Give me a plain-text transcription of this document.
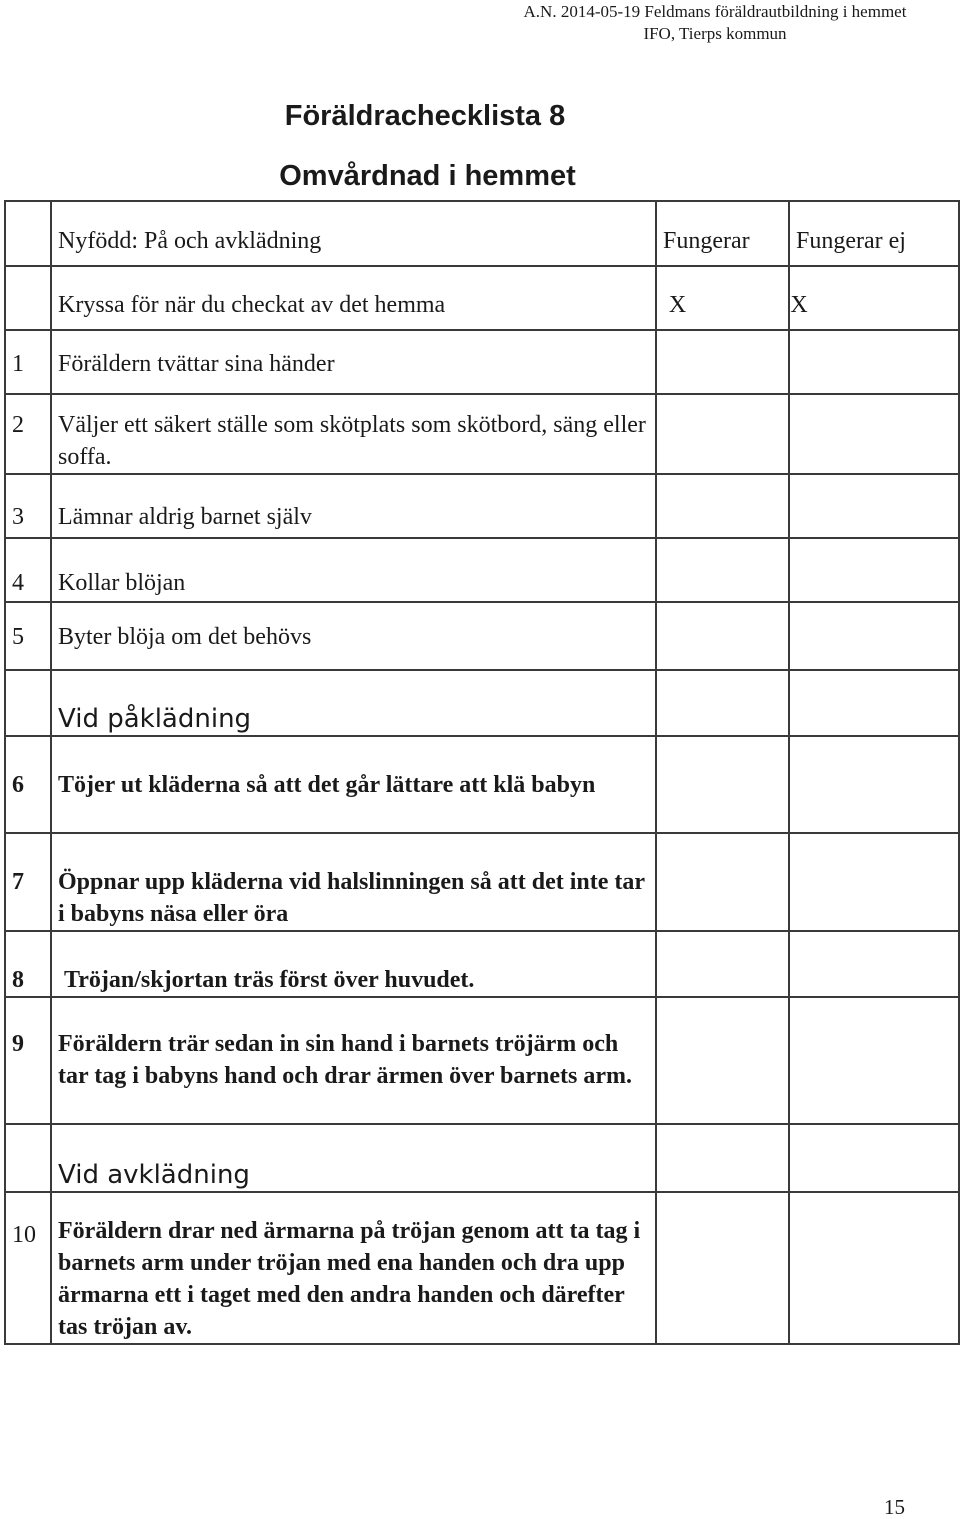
A.N. 2014-05-19 Feldmans föräldrautbildning i hemmet
IFO, Tierps kommun
Föräldrachecklista 8
Omvårdnad i hemmet
	Nyfödd: På och avklädning	Fungerar	Fungerar ej
	Kryssa för när du checkat av det hemma	X	X
1	Föräldern tvättar sina händer		
2	Väljer ett säkert ställe som skötplats som skötbord, säng eller soffa.		
3	Lämnar aldrig barnet själv		
4	Kollar blöjan		
5	Byter blöja om det behövs		
	Vid påklädning		
6	Töjer ut kläderna så att det går lättare att klä babyn		
7	Öppnar upp kläderna vid halslinningen så att det inte tar i babyns näsa eller öra		
8	Tröjan/skjortan träs först över huvudet.		
9	Föräldern trär sedan in sin hand i barnets tröjärm och tar tag i babyns hand och drar ärmen över barnets arm.		
	Vid avklädning		
10	Föräldern drar ned ärmarna på tröjan genom att ta tag i barnets arm under tröjan med ena handen och dra upp ärmarna ett i taget med den andra handen och därefter tas tröjan av.		
15
